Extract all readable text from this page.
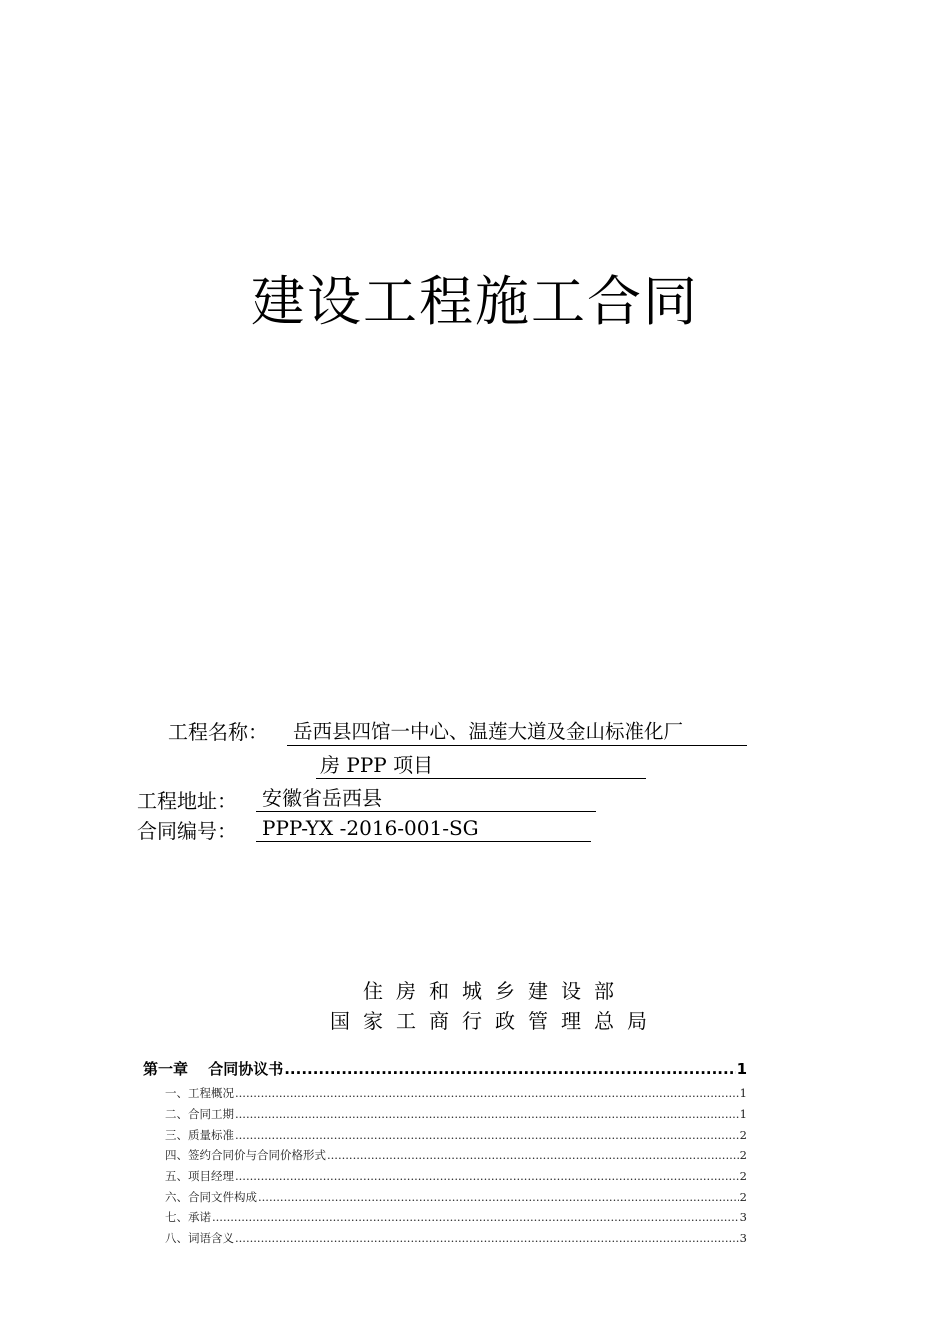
建设工程施工合同
工程名称：	岳西县四馆一中心、温莲大道及金山标准化厂
房 PPP 项目
工程地址：	安徽省岳西县
合同编号：	PPP-YX -2016-001-SG
住房和城乡建设部
国家工商行政管理总局
第一章　 合同协议书 .....	1
一、工程概况 .....	1
二、合同工期 .....	1
三、质量标准 .....	2
四、签约合同价与合同价格形式 .....	2
五、项目经理 .....	2
六、合同文件构成 .....	2
七、承诺 .....	3
八、词语含义 .....	3
